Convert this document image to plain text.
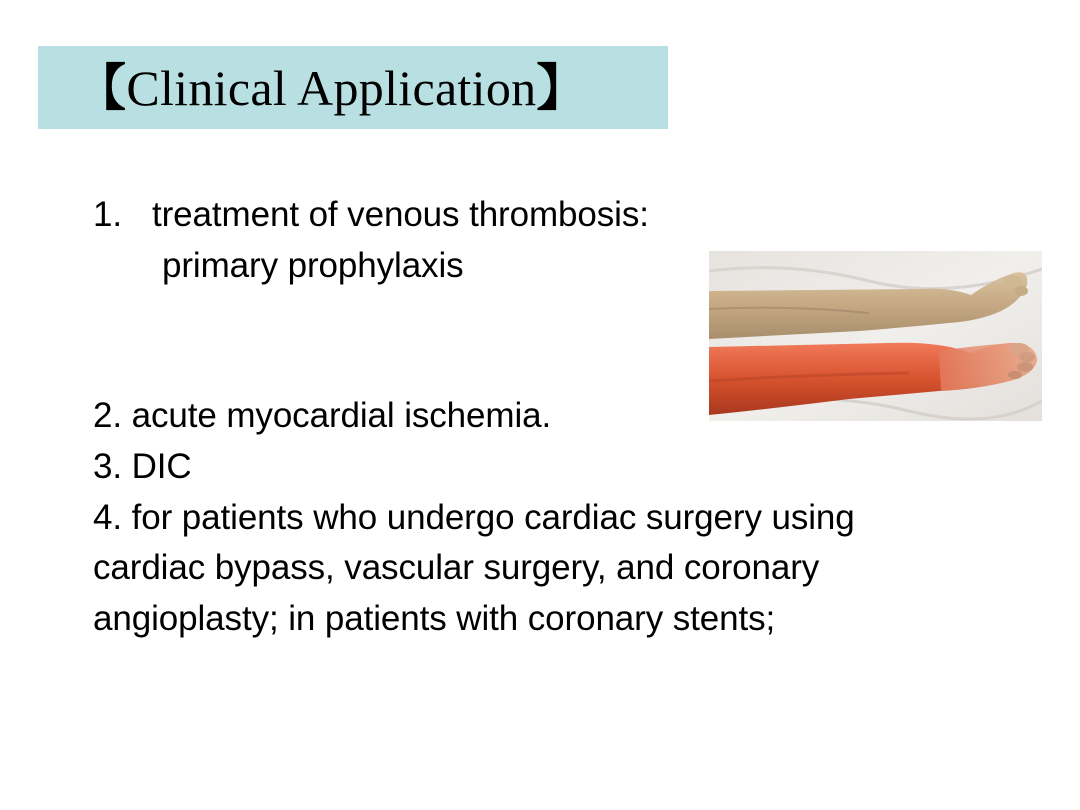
【Clinical Application】
1. treatment of venous thrombosis:
primary prophylaxis
2. acute myocardial ischemia.
3. DIC
4. for patients who undergo cardiac surgery using
cardiac bypass, vascular surgery, and coronary
angioplasty; in patients with coronary stents;
